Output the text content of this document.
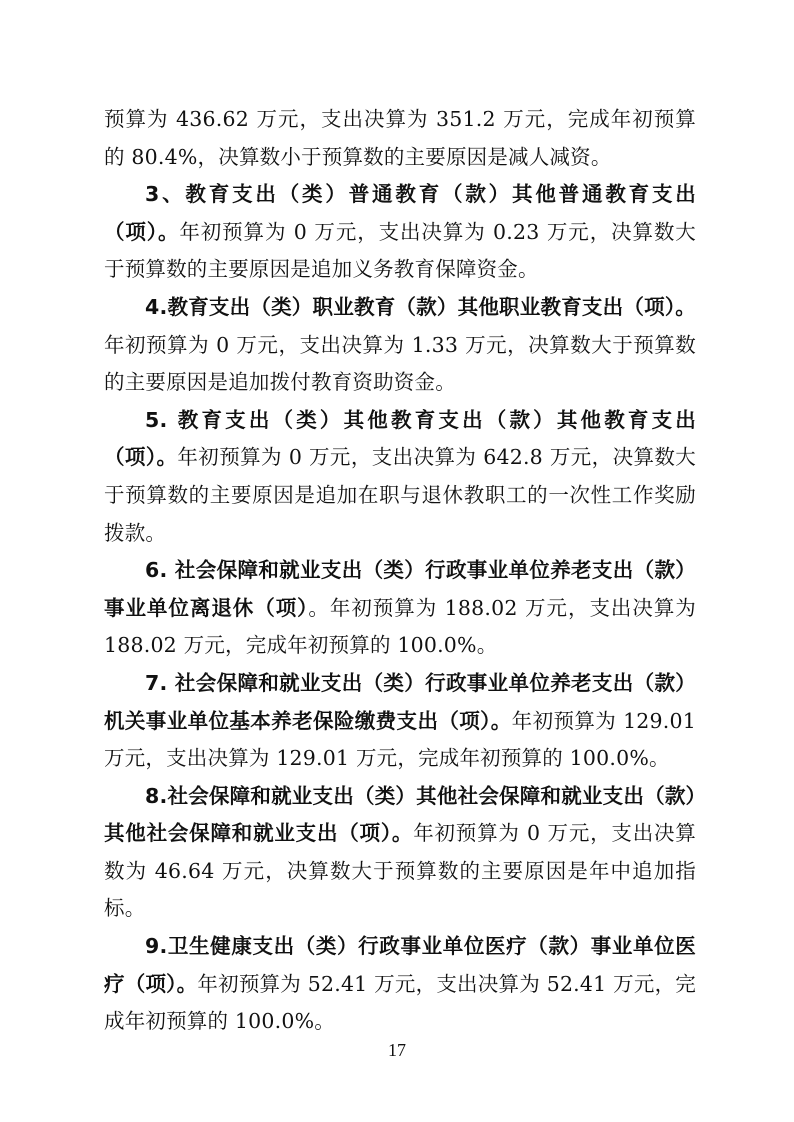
预算为 436.62 万元，支出决算为 351.2 万元，完成年初预算的 80.4%，决算数小于预算数的主要原因是减人减资。

3、教育支出（类）普通教育（款）其他普通教育支出（项）。年初预算为 0 万元，支出决算为 0.23 万元，决算数大于预算数的主要原因是追加义务教育保障资金。

4.教育支出（类）职业教育（款）其他职业教育支出（项）。年初预算为 0 万元，支出决算为 1.33 万元，决算数大于预算数的主要原因是追加拨付教育资助资金。

5. 教育支出（类）其他教育支出（款）其他教育支出（项）。年初预算为 0 万元，支出决算为 642.8 万元，决算数大于预算数的主要原因是追加在职与退休教职工的一次性工作奖励拨款。

6. 社会保障和就业支出（类）行政事业单位养老支出（款）事业单位离退休（项）。年初预算为 188.02 万元，支出决算为 188.02 万元，完成年初预算的 100.0%。

7. 社会保障和就业支出（类）行政事业单位养老支出（款）机关事业单位基本养老保险缴费支出（项）。年初预算为 129.01 万元，支出决算为 129.01 万元，完成年初预算的 100.0%。

8.社会保障和就业支出（类）其他社会保障和就业支出（款）其他社会保障和就业支出（项）。年初预算为 0 万元，支出决算数为 46.64 万元，决算数大于预算数的主要原因是年中追加指标。

9.卫生健康支出（类）行政事业单位医疗（款）事业单位医疗（项）。年初预算为 52.41 万元，支出决算为 52.41 万元，完成年初预算的 100.0%。

17
